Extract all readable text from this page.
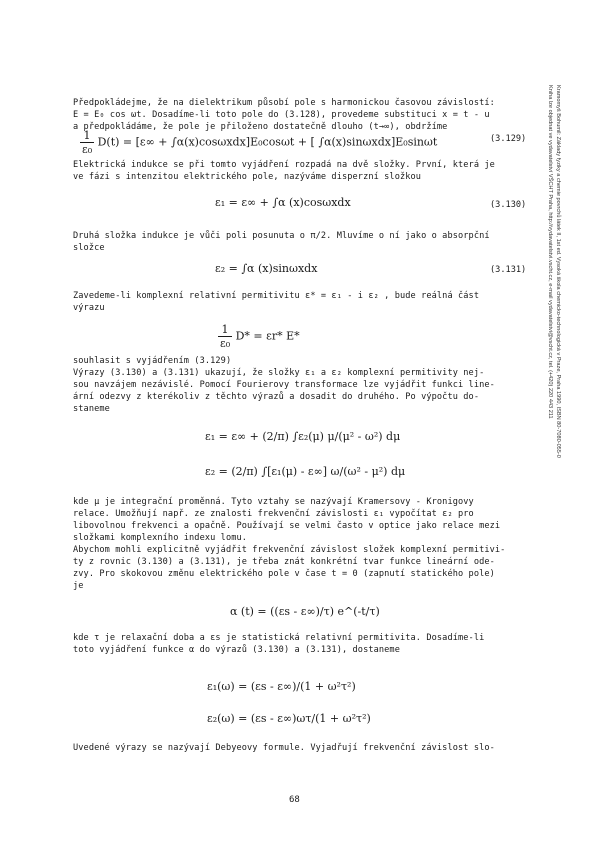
Předpokládejme, že na dielektrikum působí pole s harmonickou časovou závislostí:
E = E₀ cos ωt. Dosadíme-li toto pole do (3.128), provedeme substituci x = t - u
a předpokládáme, že pole je přiloženo dostatečně dlouho (t→∞), obdržíme
$\frac{1}{\text{ε₀}} D(t) = [\varepsilon\infty + \int\alpha(x)\cos\omega xdx]E_0\cos\omega t$ + [ ∫α(x)sinωxdx]E₀sinωt	(3.129)
Elektrická indukce se při tomto vyjádření rozpadá na dvě složky. První, která je
ve fázi s intenzitou elektrického pole, nazýváme disperzní složkou
ε₁ = ε∞ + ∫α (x)cosωxdx	(3.130)
Druhá složka indukce je vůči poli posunuta o π/2. Mluvíme o ní jako o absorpční
složce
ε₂ = ∫α (x)sinωxdx	(3.131)
Zavedeme-li komplexní relativní permitivitu ε* = ε₁ - i ε₂ , bude reálná část
výrazu
$\frac{1}{\text{ε₀}} D* = \varepsilon r*$ E*
souhlasit s vyjádřením (3.129)
Výrazy (3.130) a (3.131) ukazují, že složky ε₁ a ε₂ komplexní permitivity nej-
sou navzájem nezávislé. Pomocí Fourierovy transformace lze vyjádřit funkci line-
ární odezvy z kterékoliv z těchto výrazů a dosadit do druhého. Po výpočtu do-
staneme
ε₁ = ε∞ + (2/π) ∫ε₂(μ) μ/(μ² - ω²) dμ
ε₂ = (2/π) ∫[ε₁(μ) - ε∞] ω/(ω² - μ²) dμ
kde μ je integrační proměnná. Tyto vztahy se nazývají Kramersovy - Kronigovy
relace. Umožňují např. ze znalosti frekvenční závislosti ε₁ vypočítat ε₂ pro
libovolnou frekvenci a opačně. Používají se velmi často v optice jako relace mezi
složkami komplexního indexu lomu.
Abychom mohli explicitně vyjádřit frekvenční závislost složek komplexní permitivi-
ty z rovnic (3.130) a (3.131), je třeba znát konkrétní tvar funkce lineární ode-
zvy. Pro skokovou změnu elektrického pole v čase t = 0 (zapnutí statického pole)
je
α (t) = ((εs - ε∞)/τ) e^(-t/τ)
kde τ je relaxační doba a εs je statistická relativní permitivita. Dosadíme-li
toto vyjádření funkce α do výrazů (3.130) a (3.131), dostaneme
ε₁(ω) = (εs - ε∞)/(1 + ω²τ²)
ε₂(ω) = (εs - ε∞)ωτ/(1 + ω²τ²)
Uvedené výrazy se nazývají Debyeovy formule. Vyjadřují frekvenční závislost slo-
68
Kramomyš Bohumil: Základy fyziky a chemie povrchů látek II, 1st ed. Vysoká škola chemicko-technologická v Praze, Praha 1990, ISBN 80-7080-055-0
Kniha lze objednat ve vydavatelství VŠCHT Praha, http://vydavatelstvi.vscht.cz, e-mail vydavatelstvi@vscht.cz, tel. (+420) 220 443 211
